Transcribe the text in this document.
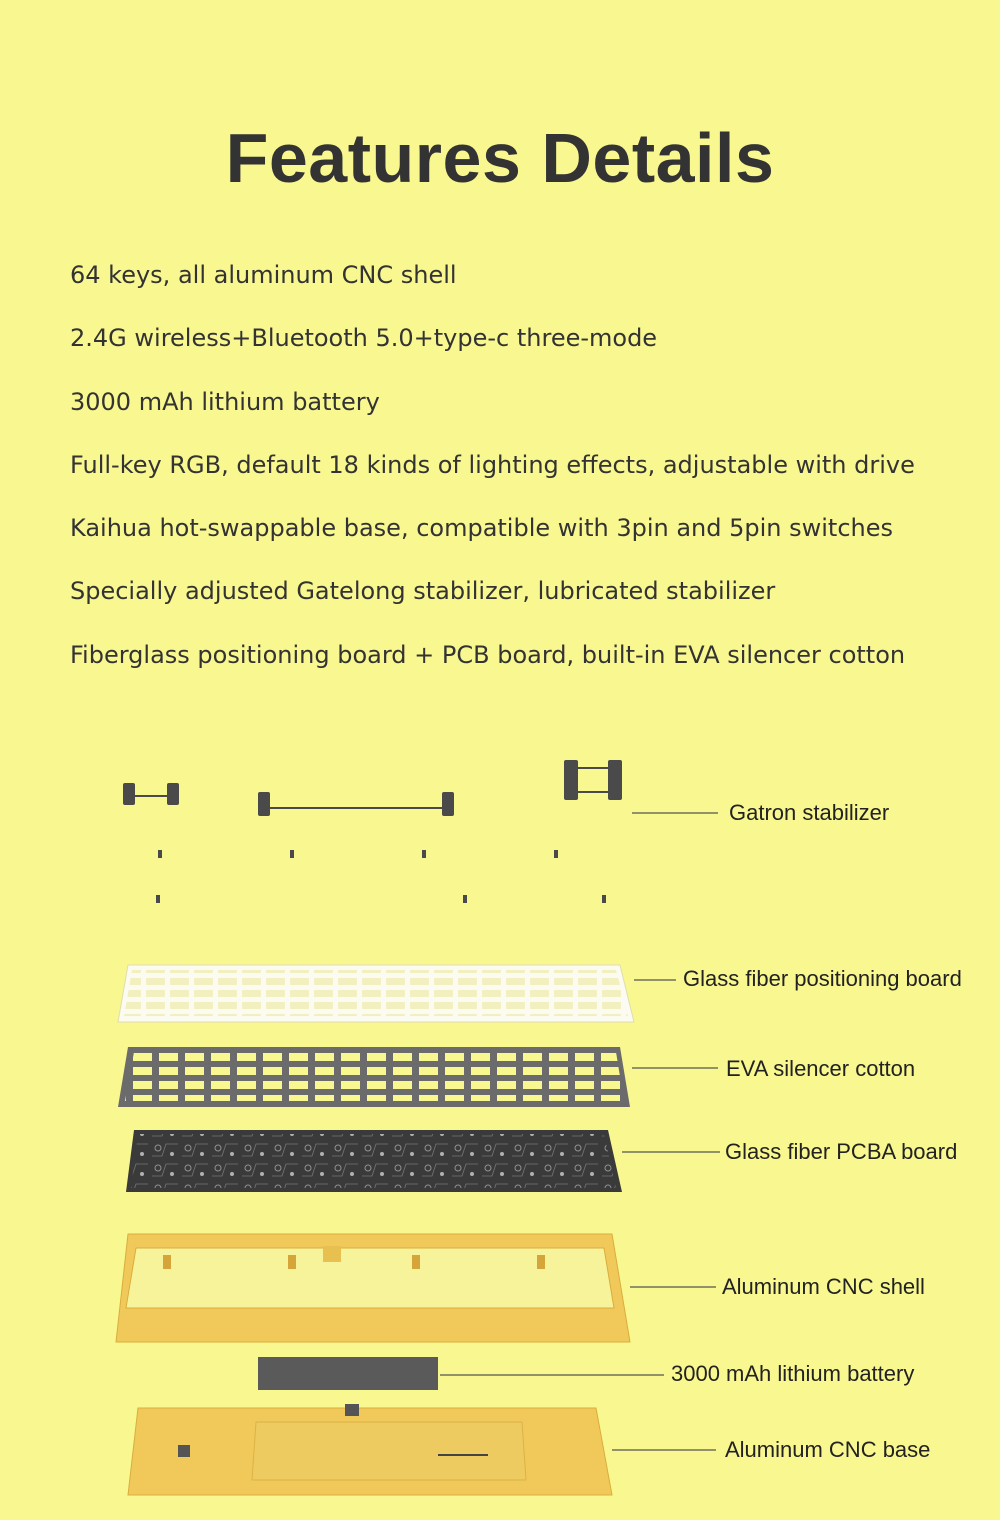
Features Details
64 keys, all aluminum CNC shell
2.4G wireless+Bluetooth 5.0+type-c three-mode
3000 mAh lithium battery
Full-key RGB, default 18 kinds of lighting effects, adjustable with drive
Kaihua hot-swappable base, compatible with 3pin and 5pin switches
Specially adjusted Gatelong stabilizer, lubricated stabilizer
Fiberglass positioning board + PCB board, built-in EVA silencer cotton
Gatron stabilizer
Glass fiber positioning board
EVA silencer cotton
Glass fiber PCBA board
Aluminum CNC shell
3000 mAh lithium battery
Aluminum CNC base
